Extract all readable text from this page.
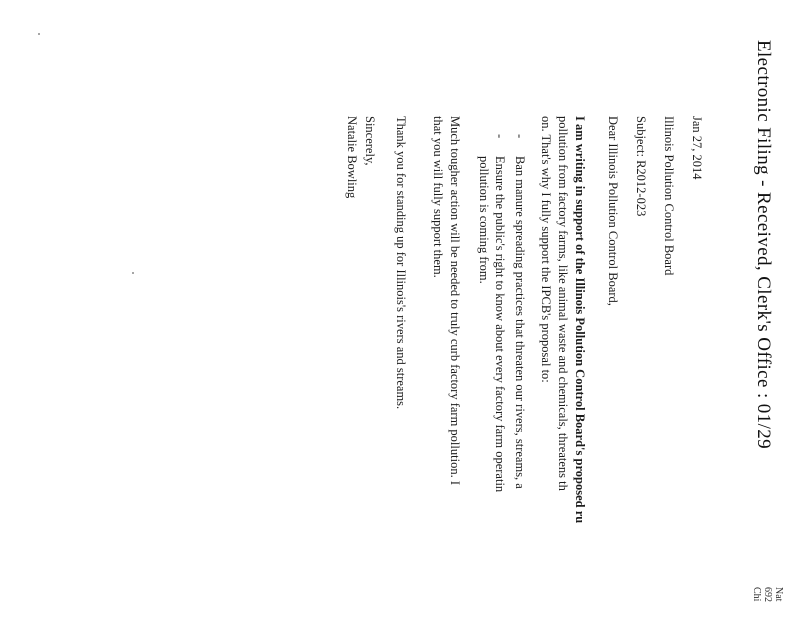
Electronic Filing - Received, Clerk's Office : 01/29
Nat
692
Chi
Jan 27, 2014
Illinois Pollution Control Board
Subject: R2012-023
Dear Illinois Pollution Control Board,

I am writing in support of the Illinois Pollution Control Board's proposed ru

pollution from factory farms, like animal waste and chemicals, threatens th

on. That's why I fully support the IPCB's proposal to:

-
Ban manure spreading practices that threaten our rivers, streams, a
-
Ensure the public's right to know about every factory farm operatin
pollution is coming from.

Much tougher action will be needed to truly curb factory farm pollution. I

that you will fully support them.

Thank you for standing up for Illinois's rivers and streams.

Sincerely,
Natalie Bowling
